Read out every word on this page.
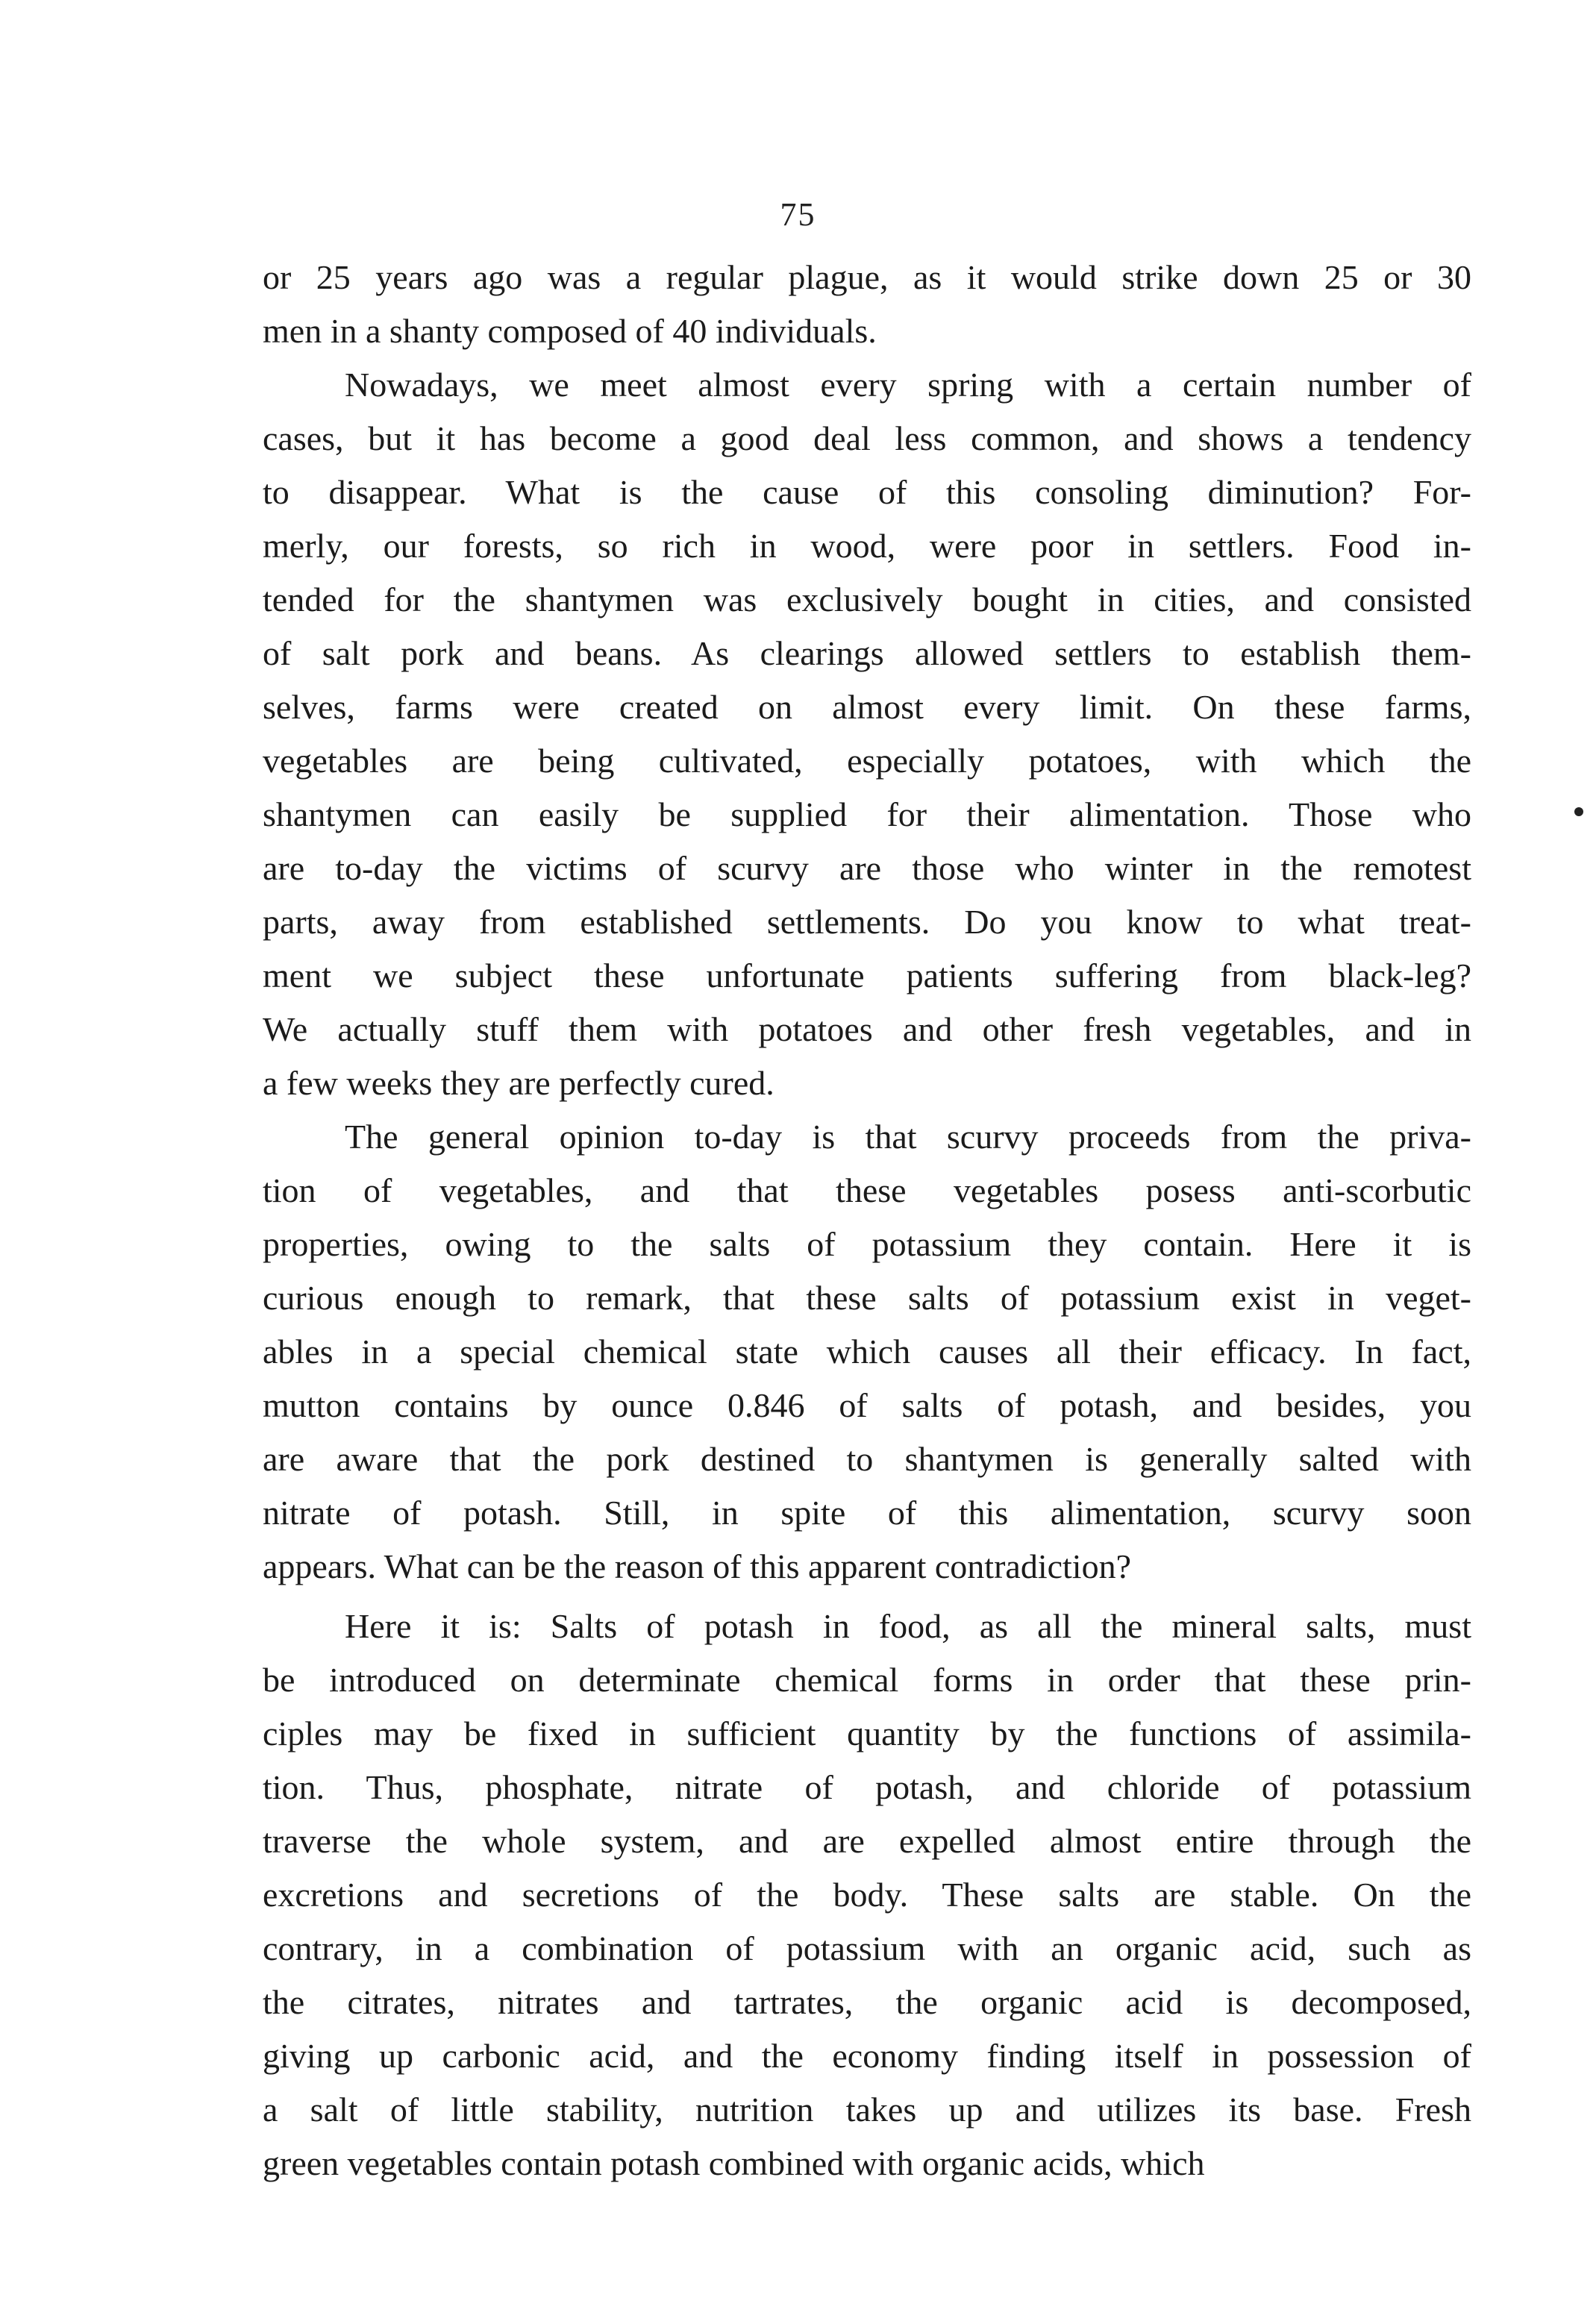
75
or 25 years ago was a regular plague, as it would strike down 25 or 30
men in a shanty composed of 40 individuals.
Nowadays, we meet almost every spring with a certain number of
cases, but it has become a good deal less common, and shows a tendency
to disappear. What is the cause of this consoling diminution? For-
merly, our forests, so rich in wood, were poor in settlers. Food in-
tended for the shantymen was exclusively bought in cities, and consisted
of salt pork and beans. As clearings allowed settlers to establish them-
selves, farms were created on almost every limit. On these farms,
vegetables are being cultivated, especially potatoes, with which the
shantymen can easily be supplied for their alimentation. Those who
are to-day the victims of scurvy are those who winter in the remotest
parts, away from established settlements. Do you know to what treat-
ment we subject these unfortunate patients suffering from black-leg?
We actually stuff them with potatoes and other fresh vegetables, and in
a few weeks they are perfectly cured.
The general opinion to-day is that scurvy proceeds from the priva-
tion of vegetables, and that these vegetables posess anti-scorbutic
properties, owing to the salts of potassium they contain. Here it is
curious enough to remark, that these salts of potassium exist in veget-
ables in a special chemical state which causes all their efficacy. In fact,
mutton contains by ounce 0.846 of salts of potash, and besides, you
are aware that the pork destined to shantymen is generally salted with
nitrate of potash. Still, in spite of this alimentation, scurvy soon
appears. What can be the reason of this apparent contradiction?
Here it is: Salts of potash in food, as all the mineral salts, must
be introduced on determinate chemical forms in order that these prin-
ciples may be fixed in sufficient quantity by the functions of assimila-
tion. Thus, phosphate, nitrate of potash, and chloride of potassium
traverse the whole system, and are expelled almost entire through the
excretions and secretions of the body. These salts are stable. On the
contrary, in a combination of potassium with an organic acid, such as
the citrates, nitrates and tartrates, the organic acid is decomposed,
giving up carbonic acid, and the economy finding itself in possession of
a salt of little stability, nutrition takes up and utilizes its base. Fresh
green vegetables contain potash combined with organic acids, which
